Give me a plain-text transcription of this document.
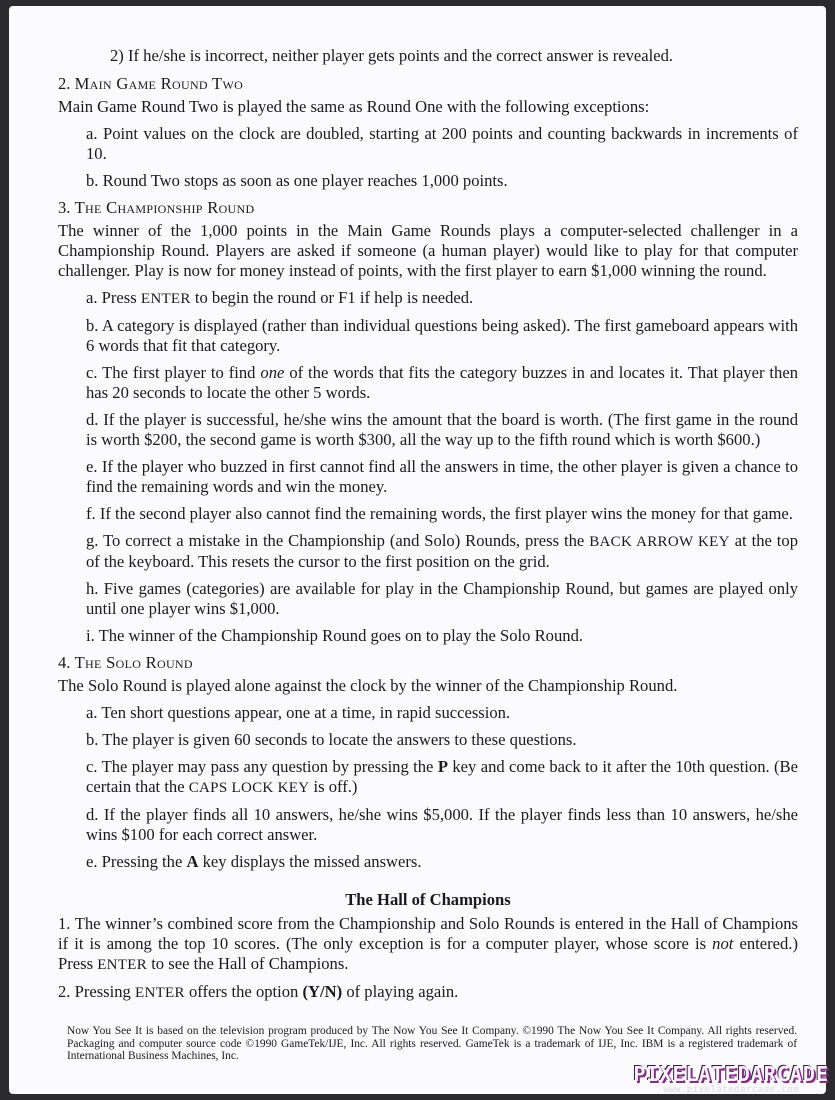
2) If he/she is incorrect, neither player gets points and the correct answer is revealed.

2. Main Game Round Two

Main Game Round Two is played the same as Round One with the following exceptions:

a. Point values on the clock are doubled, starting at 200 points and counting backwards in increments of 10.

b. Round Two stops as soon as one player reaches 1,000 points.

3. The Championship Round

The winner of the 1,000 points in the Main Game Rounds plays a computer-selected challenger in a Championship Round. Players are asked if someone (a human player) would like to play for that computer challenger. Play is now for money instead of points, with the first player to earn $1,000 winning the round.

a. Press ENTER to begin the round or F1 if help is needed.

b. A category is displayed (rather than individual questions being asked). The first gameboard appears with 6 words that fit that category.

c. The first player to find one of the words that fits the category buzzes in and locates it. That player then has 20 seconds to locate the other 5 words.

d. If the player is successful, he/she wins the amount that the board is worth. (The first game in the round is worth $200, the second game is worth $300, all the way up to the fifth round which is worth $600.)

e. If the player who buzzed in first cannot find all the answers in time, the other player is given a chance to find the remaining words and win the money.

f. If the second player also cannot find the remaining words, the first player wins the money for that game.

g. To correct a mistake in the Championship (and Solo) Rounds, press the BACK ARROW KEY at the top of the keyboard. This resets the cursor to the first position on the grid.

h. Five games (categories) are available for play in the Championship Round, but games are played only until one player wins $1,000.

i. The winner of the Championship Round goes on to play the Solo Round.

4. The Solo Round

The Solo Round is played alone against the clock by the winner of the Championship Round.

a. Ten short questions appear, one at a time, in rapid succession.

b. The player is given 60 seconds to locate the answers to these questions.

c. The player may pass any question by pressing the P key and come back to it after the 10th question. (Be certain that the CAPS LOCK KEY is off.)

d. If the player finds all 10 answers, he/she wins $5,000. If the player finds less than 10 answers, he/she wins $100 for each correct answer.

e. Pressing the A key displays the missed answers.

The Hall of Champions

1. The winner’s combined score from the Championship and Solo Rounds is entered in the Hall of Champions if it is among the top 10 scores. (The only exception is for a computer player, whose score is not entered.) Press ENTER to see the Hall of Champions.

2. Pressing ENTER offers the option (Y/N) of playing again.

Now You See It is based on the television program produced by The Now You See It Company. ©1990 The Now You See It Company. All rights reserved. Packaging and computer source code ©1990 GameTek/IJE, Inc. All rights reserved. GameTek is a trademark of IJE, Inc. IBM is a registered trademark of International Business Machines, Inc.
PIXELATEDARCADE
www.pixelatedarcade.com
